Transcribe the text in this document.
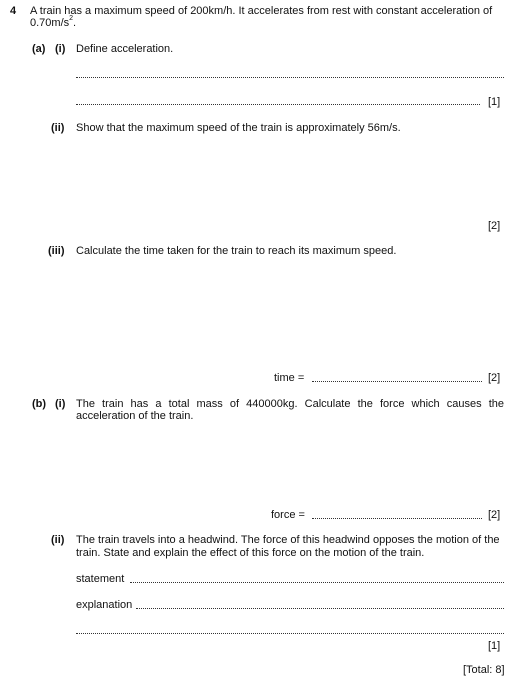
4 A train has a maximum speed of 200km/h. It accelerates from rest with constant acceleration of
$0.70m/s^2$.
(a) (i) Define acceleration.
[1]
(ii) Show that the maximum speed of the train is approximately 56m/s.
[2]
(iii) Calculate the time taken for the train to reach its maximum speed.
time =	[2]
(b) (i) The train has a total mass of 440000kg. Calculate the force which causes the
acceleration of the train.
force =	[2]
(ii) The train travels into a headwind. The force of this headwind opposes the motion of the
train. State and explain the effect of this force on the motion of the train.
statement
explanation
[1]
[Total: 8]
